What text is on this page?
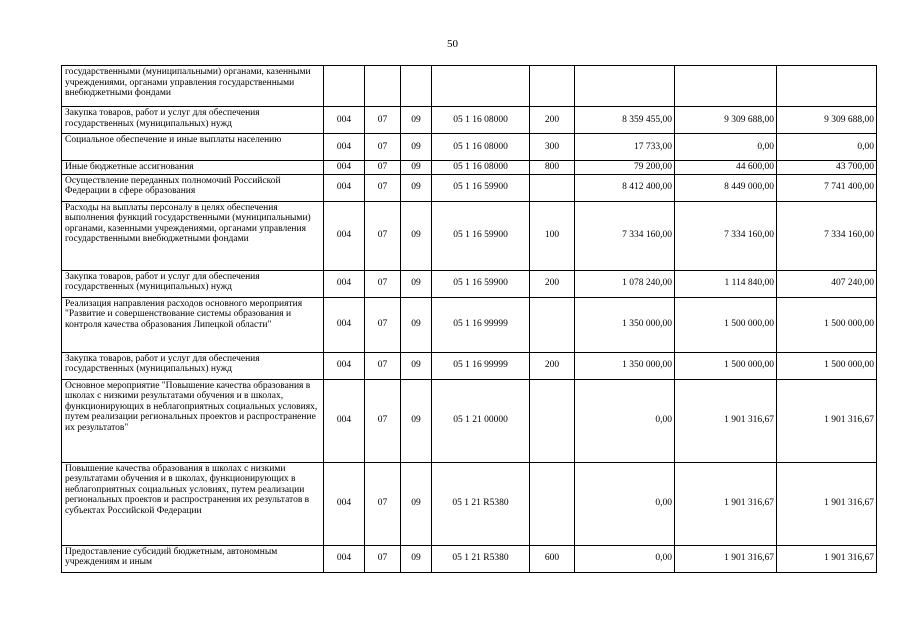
50
государственными (муниципальными) органами, казенными учреждениями, органами управления государственными внебюджетными фондами								
Закупка товаров, работ и услуг для обеспечения государственных (муниципальных) нужд	004	07	09	05 1 16 08000	200	8 359 455,00	9 309 688,00	9 309 688,00
Социальное обеспечение и иные выплаты населению	004	07	09	05 1 16 08000	300	17 733,00	0,00	0,00
Иные бюджетные ассигнования	004	07	09	05 1 16 08000	800	79 200,00	44 600,00	43 700,00
Осуществление переданных полномочий Российской Федерации в сфере образования	004	07	09	05 1 16 59900		8 412 400,00	8 449 000,00	7 741 400,00
Расходы на выплаты персоналу в целях обеспечения выполнения функций государственными (муниципальными) органами, казенными учреждениями, органами управления государственными внебюджетными фондами	004	07	09	05 1 16 59900	100	7 334 160,00	7 334 160,00	7 334 160,00
Закупка товаров, работ и услуг для обеспечения государственных (муниципальных) нужд	004	07	09	05 1 16 59900	200	1 078 240,00	1 114 840,00	407 240,00
Реализация направления расходов основного мероприятия "Развитие и совершенствование системы образования и контроля качества образования Липецкой области"	004	07	09	05 1 16 99999		1 350 000,00	1 500 000,00	1 500 000,00
Закупка товаров, работ и услуг для обеспечения государственных (муниципальных) нужд	004	07	09	05 1 16 99999	200	1 350 000,00	1 500 000,00	1 500 000,00
Основное мероприятие "Повышение качества образования в школах с низкими результатами обучения и в школах, функционирующих в неблагоприятных социальных условиях, путем реализации региональных проектов и распространение их результатов"	004	07	09	05 1 21 00000		0,00	1 901 316,67	1 901 316,67
Повышение качества образования в школах с низкими результатами обучения и в школах, функционирующих в неблагоприятных социальных условиях, путем реализации региональных проектов и распространения их результатов в субъектах Российской Федерации	004	07	09	05 1 21 R5380		0,00	1 901 316,67	1 901 316,67
Предоставление субсидий бюджетным, автономным учреждениям и иным	004	07	09	05 1 21 R5380	600	0,00	1 901 316,67	1 901 316,67
